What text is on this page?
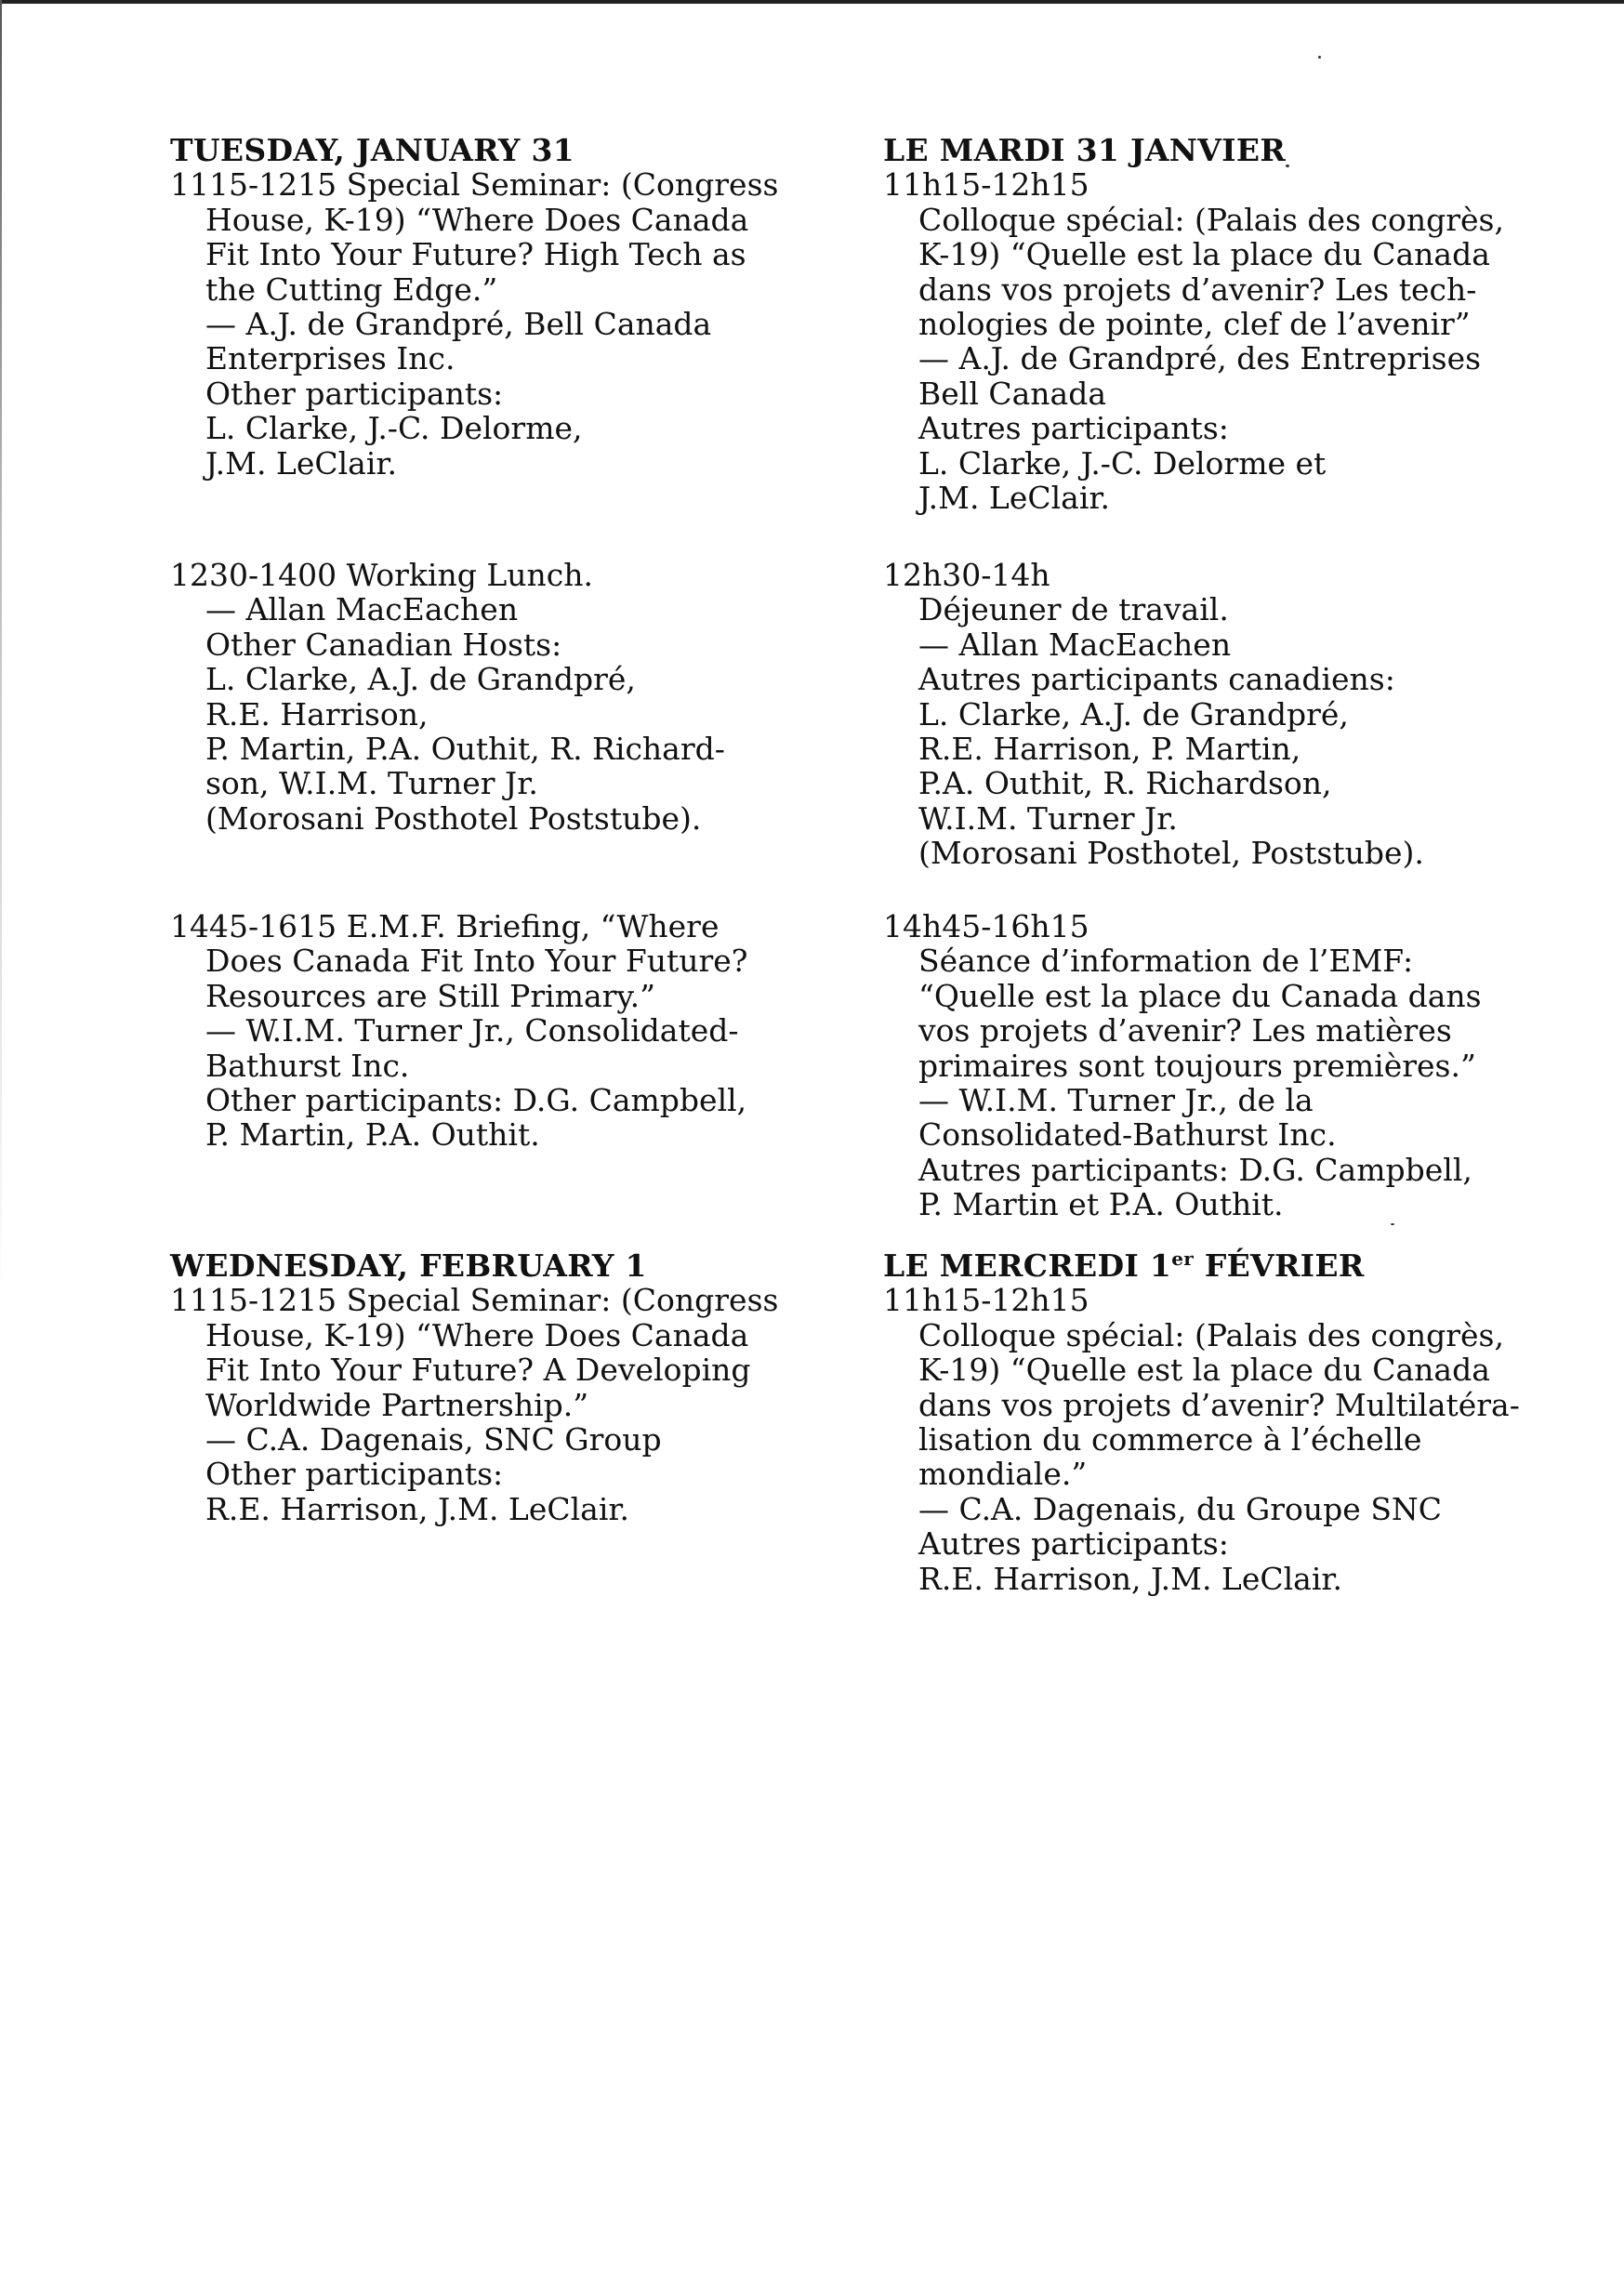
TUESDAY, JANUARY 31
1115-1215 Special Seminar: (Congress
House, K-19) “Where Does Canada
Fit Into Your Future? High Tech as
the Cutting Edge.”
— A.J. de Grandpré, Bell Canada
Enterprises Inc.
Other participants:
L. Clarke, J.-C. Delorme,
J.M. LeClair.
1230-1400 Working Lunch.
— Allan MacEachen
Other Canadian Hosts:
L. Clarke, A.J. de Grandpré,
R.E. Harrison,
P. Martin, P.A. Outhit, R. Richard-
son, W.I.M. Turner Jr.
(Morosani Posthotel Poststube).
1445-1615 E.M.F. Briefing, “Where
Does Canada Fit Into Your Future?
Resources are Still Primary.”
— W.I.M. Turner Jr., Consolidated-
Bathurst Inc.
Other participants: D.G. Campbell,
P. Martin, P.A. Outhit.
WEDNESDAY, FEBRUARY 1
1115-1215 Special Seminar: (Congress
House, K-19) “Where Does Canada
Fit Into Your Future? A Developing
Worldwide Partnership.”
— C.A. Dagenais, SNC Group
Other participants:
R.E. Harrison, J.M. LeClair.
LE MARDI 31 JANVIER
11h15-12h15
Colloque spécial: (Palais des congrès,
K-19) “Quelle est la place du Canada
dans vos projets d’avenir? Les tech-
nologies de pointe, clef de l’avenir”
— A.J. de Grandpré, des Entreprises
Bell Canada
Autres participants:
L. Clarke, J.-C. Delorme et
J.M. LeClair.
12h30-14h
Déjeuner de travail.
— Allan MacEachen
Autres participants canadiens:
L. Clarke, A.J. de Grandpré,
R.E. Harrison, P. Martin,
P.A. Outhit, R. Richardson,
W.I.M. Turner Jr.
(Morosani Posthotel, Poststube).
14h45-16h15
Séance d’information de l’EMF:
“Quelle est la place du Canada dans
vos projets d’avenir? Les matières
primaires sont toujours premières.”
— W.I.M. Turner Jr., de la
Consolidated-Bathurst Inc.
Autres participants: D.G. Campbell,
P. Martin et P.A. Outhit.
LE MERCREDI 1er FÉVRIER
11h15-12h15
Colloque spécial: (Palais des congrès,
K-19) “Quelle est la place du Canada
dans vos projets d’avenir? Multilatéra-
lisation du commerce à l’échelle
mondiale.”
— C.A. Dagenais, du Groupe SNC
Autres participants:
R.E. Harrison, J.M. LeClair.
